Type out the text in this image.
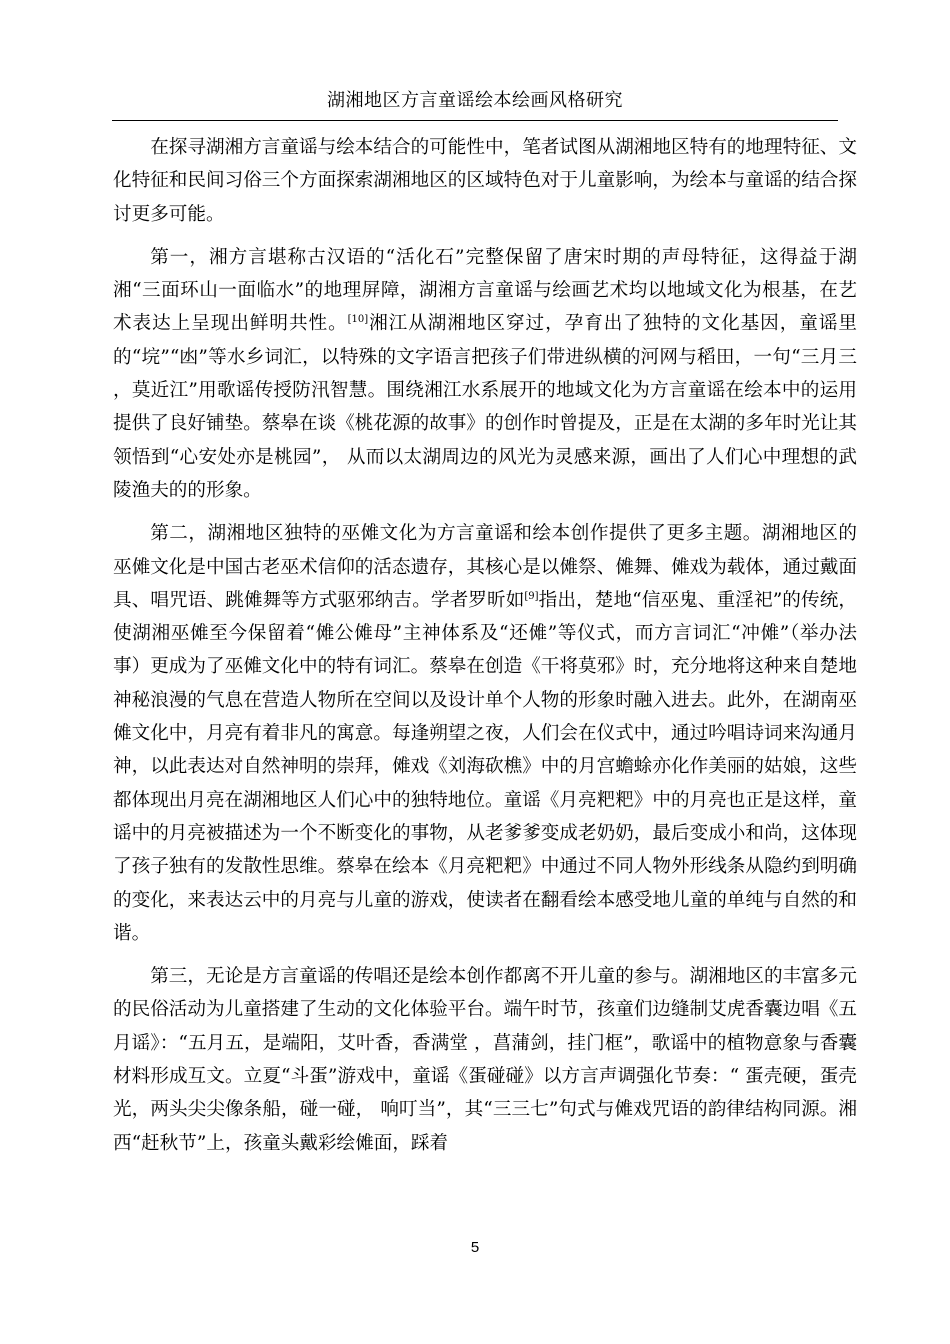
湖湘地区方言童谣绘本绘画风格研究

在探寻湖湘方言童谣与绘本结合的可能性中，笔者试图从湖湘地区特有的地理特征、文化特征和民间习俗三个方面探索湖湘地区的区域特色对于儿童影响，为绘本与童谣的结合探讨更多可能。

第一，湘方言堪称古汉语的“活化石”完整保留了唐宋时期的声母特征，这得益于湖湘“三面环山一面临水”的地理屏障，湖湘方言童谣与绘画艺术均以地域文化为根基，在艺术表达上呈现出鲜明共性。[10]湘江从湖湘地区穿过，孕育出了独特的文化基因，童谣里的“垸”“凼”等水乡词汇，以特殊的文字语言把孩子们带进纵横的河网与稻田，一句“三月三 ，莫近江”用歌谣传授防汛智慧。围绕湘江水系展开的地域文化为方言童谣在绘本中的运用提供了良好铺垫。蔡皋在谈《桃花源的故事》的创作时曾提及，正是在太湖的多年时光让其领悟到“心安处亦是桃园”， 从而以太湖周边的风光为灵感来源，画出了人们心中理想的武陵渔夫的的形象。

第二，湖湘地区独特的巫傩文化为方言童谣和绘本创作提供了更多主题。湖湘地区的 巫傩文化是中国古老巫术信仰的活态遗存，其核心是以傩祭、傩舞、傩戏为载体，通过戴面具、唱咒语、跳傩舞等方式驱邪纳吉。学者罗昕如[9]指出，楚地“信巫鬼、重淫祀”的传统，使湖湘巫傩至今保留着“傩公傩母”主神体系及“还傩”等仪式，而方言词汇“冲傩”（举办法事）更成为了巫傩文化中的特有词汇。蔡皋在创造《干将莫邪》时，充分地将这种来自楚地神秘浪漫的气息在营造人物所在空间以及设计单个人物的形象时融入进去。此外，在湖南巫傩文化中，月亮有着非凡的寓意。每逢朔望之夜，人们会在仪式中，通过吟唱诗词来沟通月神，以此表达对自然神明的崇拜，傩戏《刘海砍樵》中的月宫蟾蜍亦化作美丽的姑娘，这些都体现出月亮在湖湘地区人们心中的独特地位。童谣《月亮粑粑》中的月亮也正是这样，童谣中的月亮被描述为一个不断变化的事物，从老爹爹变成老奶奶，最后变成小和尚，这体现了孩子独有的发散性思维。蔡皋在绘本《月亮粑粑》中通过不同人物外形线条从隐约到明确的变化，来表达云中的月亮与儿童的游戏，使读者在翻看绘本感受地儿童的单纯与自然的和谐。

第三，无论是方言童谣的传唱还是绘本创作都离不开儿童的参与。湖湘地区的丰富多元的民俗活动为儿童搭建了生动的文化体验平台。端午时节，孩童们边缝制艾虎香囊边唱《五月谣》：“五月五，是端阳，艾叶香，香满堂 ，菖蒲剑，挂门框”，歌谣中的植物意象与香囊材料形成互文。立夏“斗蛋”游戏中，童谣《蛋碰碰》以方言声调强化节奏：“ 蛋壳硬，蛋壳光，两头尖尖像条船，碰一碰， 响叮当”，其“三三七”句式与傩戏咒语的韵律结构同源。湘西“赶秋节”上，孩童头戴彩绘傩面，踩着

5
